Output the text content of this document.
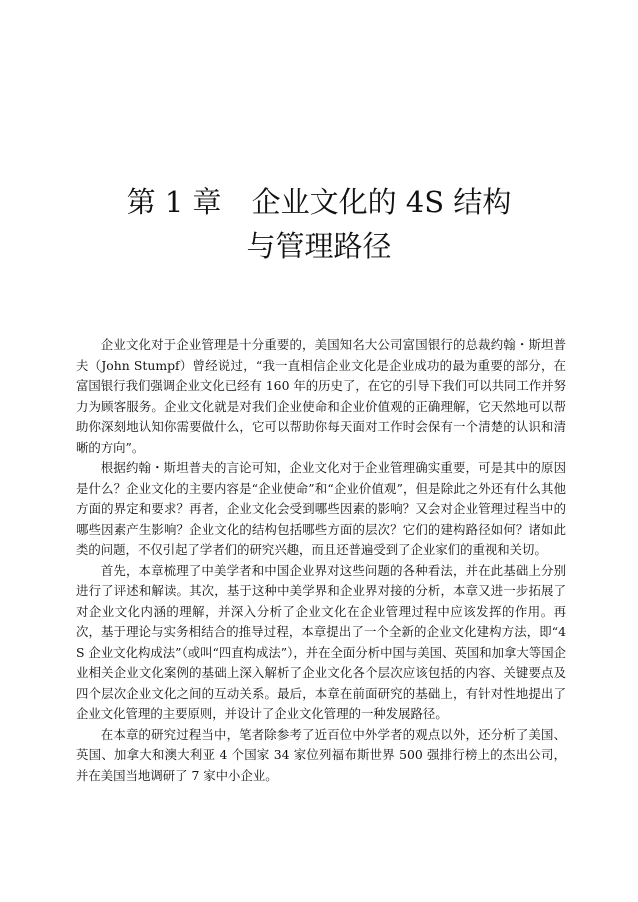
第 1 章 企业文化的 4S 结构
与管理路径

企业文化对于企业管理是十分重要的，美国知名大公司富国银行的总裁约翰・斯坦普夫（John Stumpf）曾经说过，“我一直相信企业文化是企业成功的最为重要的部分，在富国银行我们强调企业文化已经有 160 年的历史了，在它的引导下我们可以共同工作并努力为顾客服务。企业文化就是对我们企业使命和企业价值观的正确理解，它天然地可以帮助你深刻地认知你需要做什么，它可以帮助你每天面对工作时会保有一个清楚的认识和清晰的方向”。

根据约翰・斯坦普夫的言论可知，企业文化对于企业管理确实重要，可是其中的原因是什么？企业文化的主要内容是“企业使命”和“企业价值观”，但是除此之外还有什么其他方面的界定和要求？再者，企业文化会受到哪些因素的影响？又会对企业管理过程当中的哪些因素产生影响？企业文化的结构包括哪些方面的层次？它们的建构路径如何？诸如此类的问题，不仅引起了学者们的研究兴趣，而且还普遍受到了企业家们的重视和关切。

首先，本章梳理了中美学者和中国企业界对这些问题的各种看法，并在此基础上分别进行了评述和解读。其次，基于这种中美学界和企业界对接的分析，本章又进一步拓展了对企业文化内涵的理解，并深入分析了企业文化在企业管理过程中应该发挥的作用。再次，基于理论与实务相结合的推导过程，本章提出了一个全新的企业文化建构方法，即“4 S 企业文化构成法”（或叫“四直构成法”），并在全面分析中国与美国、英国和加拿大等国企业相关企业文化案例的基础上深入解析了企业文化各个层次应该包括的内容、关键要点及四个层次企业文化之间的互动关系。最后，本章在前面研究的基础上，有针对性地提出了企业文化管理的主要原则，并设计了企业文化管理的一种发展路径。

在本章的研究过程当中，笔者除参考了近百位中外学者的观点以外，还分析了美国、英国、加拿大和澳大利亚 4 个国家 34 家位列福布斯世界 500 强排行榜上的杰出公司，并在美国当地调研了 7 家中小企业。
